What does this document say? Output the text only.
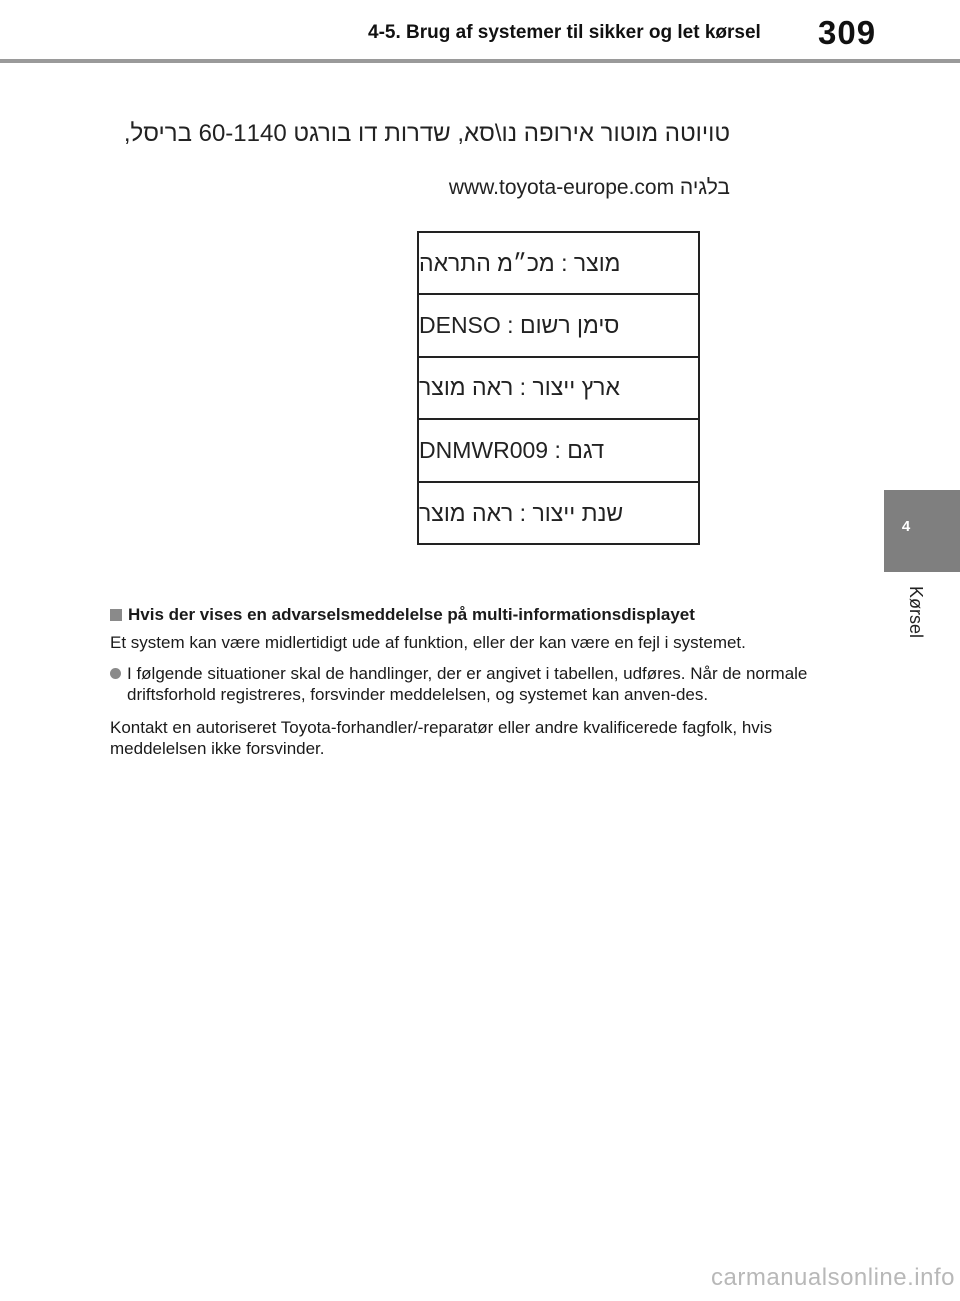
4-5. Brug af systemer til sikker og let kørsel	309
4
Kørsel
טויוטה מוטור אירופה נו\סא, שדרות דו בורגט 60-1140 בריסל,
בלגיה www.toyota-europe.com
מוצר : מכ״מ התראה
סימן רשום : DENSO
ארץ ייצור : ראה מוצר
דגם : DNMWR009
שנת ייצור : ראה מוצר
Hvis der vises en advarselsmeddelelse på multi-informationsdisplayet
Et system kan være midlertidigt ude af funktion, eller der kan være en fejl i systemet.
I følgende situationer skal de handlinger, der er angivet i tabellen, udføres. Når de normale driftsforhold registreres, forsvinder meddelelsen, og systemet kan anven-des.
Kontakt en autoriseret Toyota-forhandler/-reparatør eller andre kvalificerede fagfolk, hvis meddelelsen ikke forsvinder.
carmanualsonline.info
